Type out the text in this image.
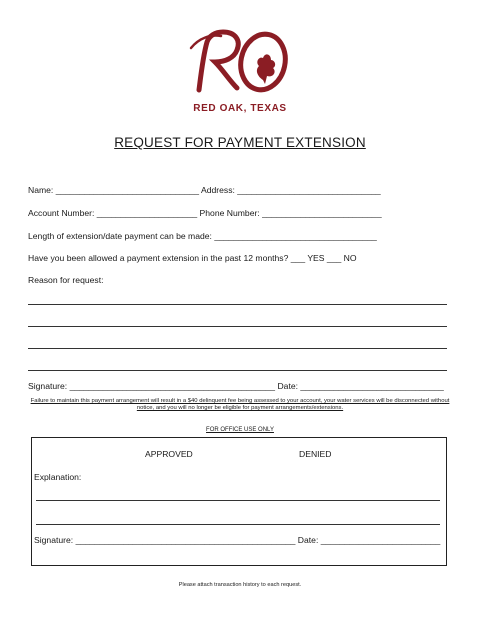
RED OAK, TEXAS
REQUEST FOR PAYMENT EXTENSION
Name: ______________________________ Address: ______________________________
Account Number: _____________________ Phone Number: _________________________
Length of extension/date payment can be made: __________________________________
Have you been allowed a payment extension in the past 12 months? ___ YES ___ NO
Reason for request:
Signature: ___________________________________________ Date: ______________________________
Failure to maintain this payment arrangement will result in a $40 delinquent fee being assessed to your account, your water services will be disconnected without notice, and you will no longer be eligible for payment arrangements/extensions.
FOR OFFICE USE ONLY
APPROVED	DENIED
Explanation:
Signature: ______________________________________________ Date: _________________________
Please attach transaction history to each request.
